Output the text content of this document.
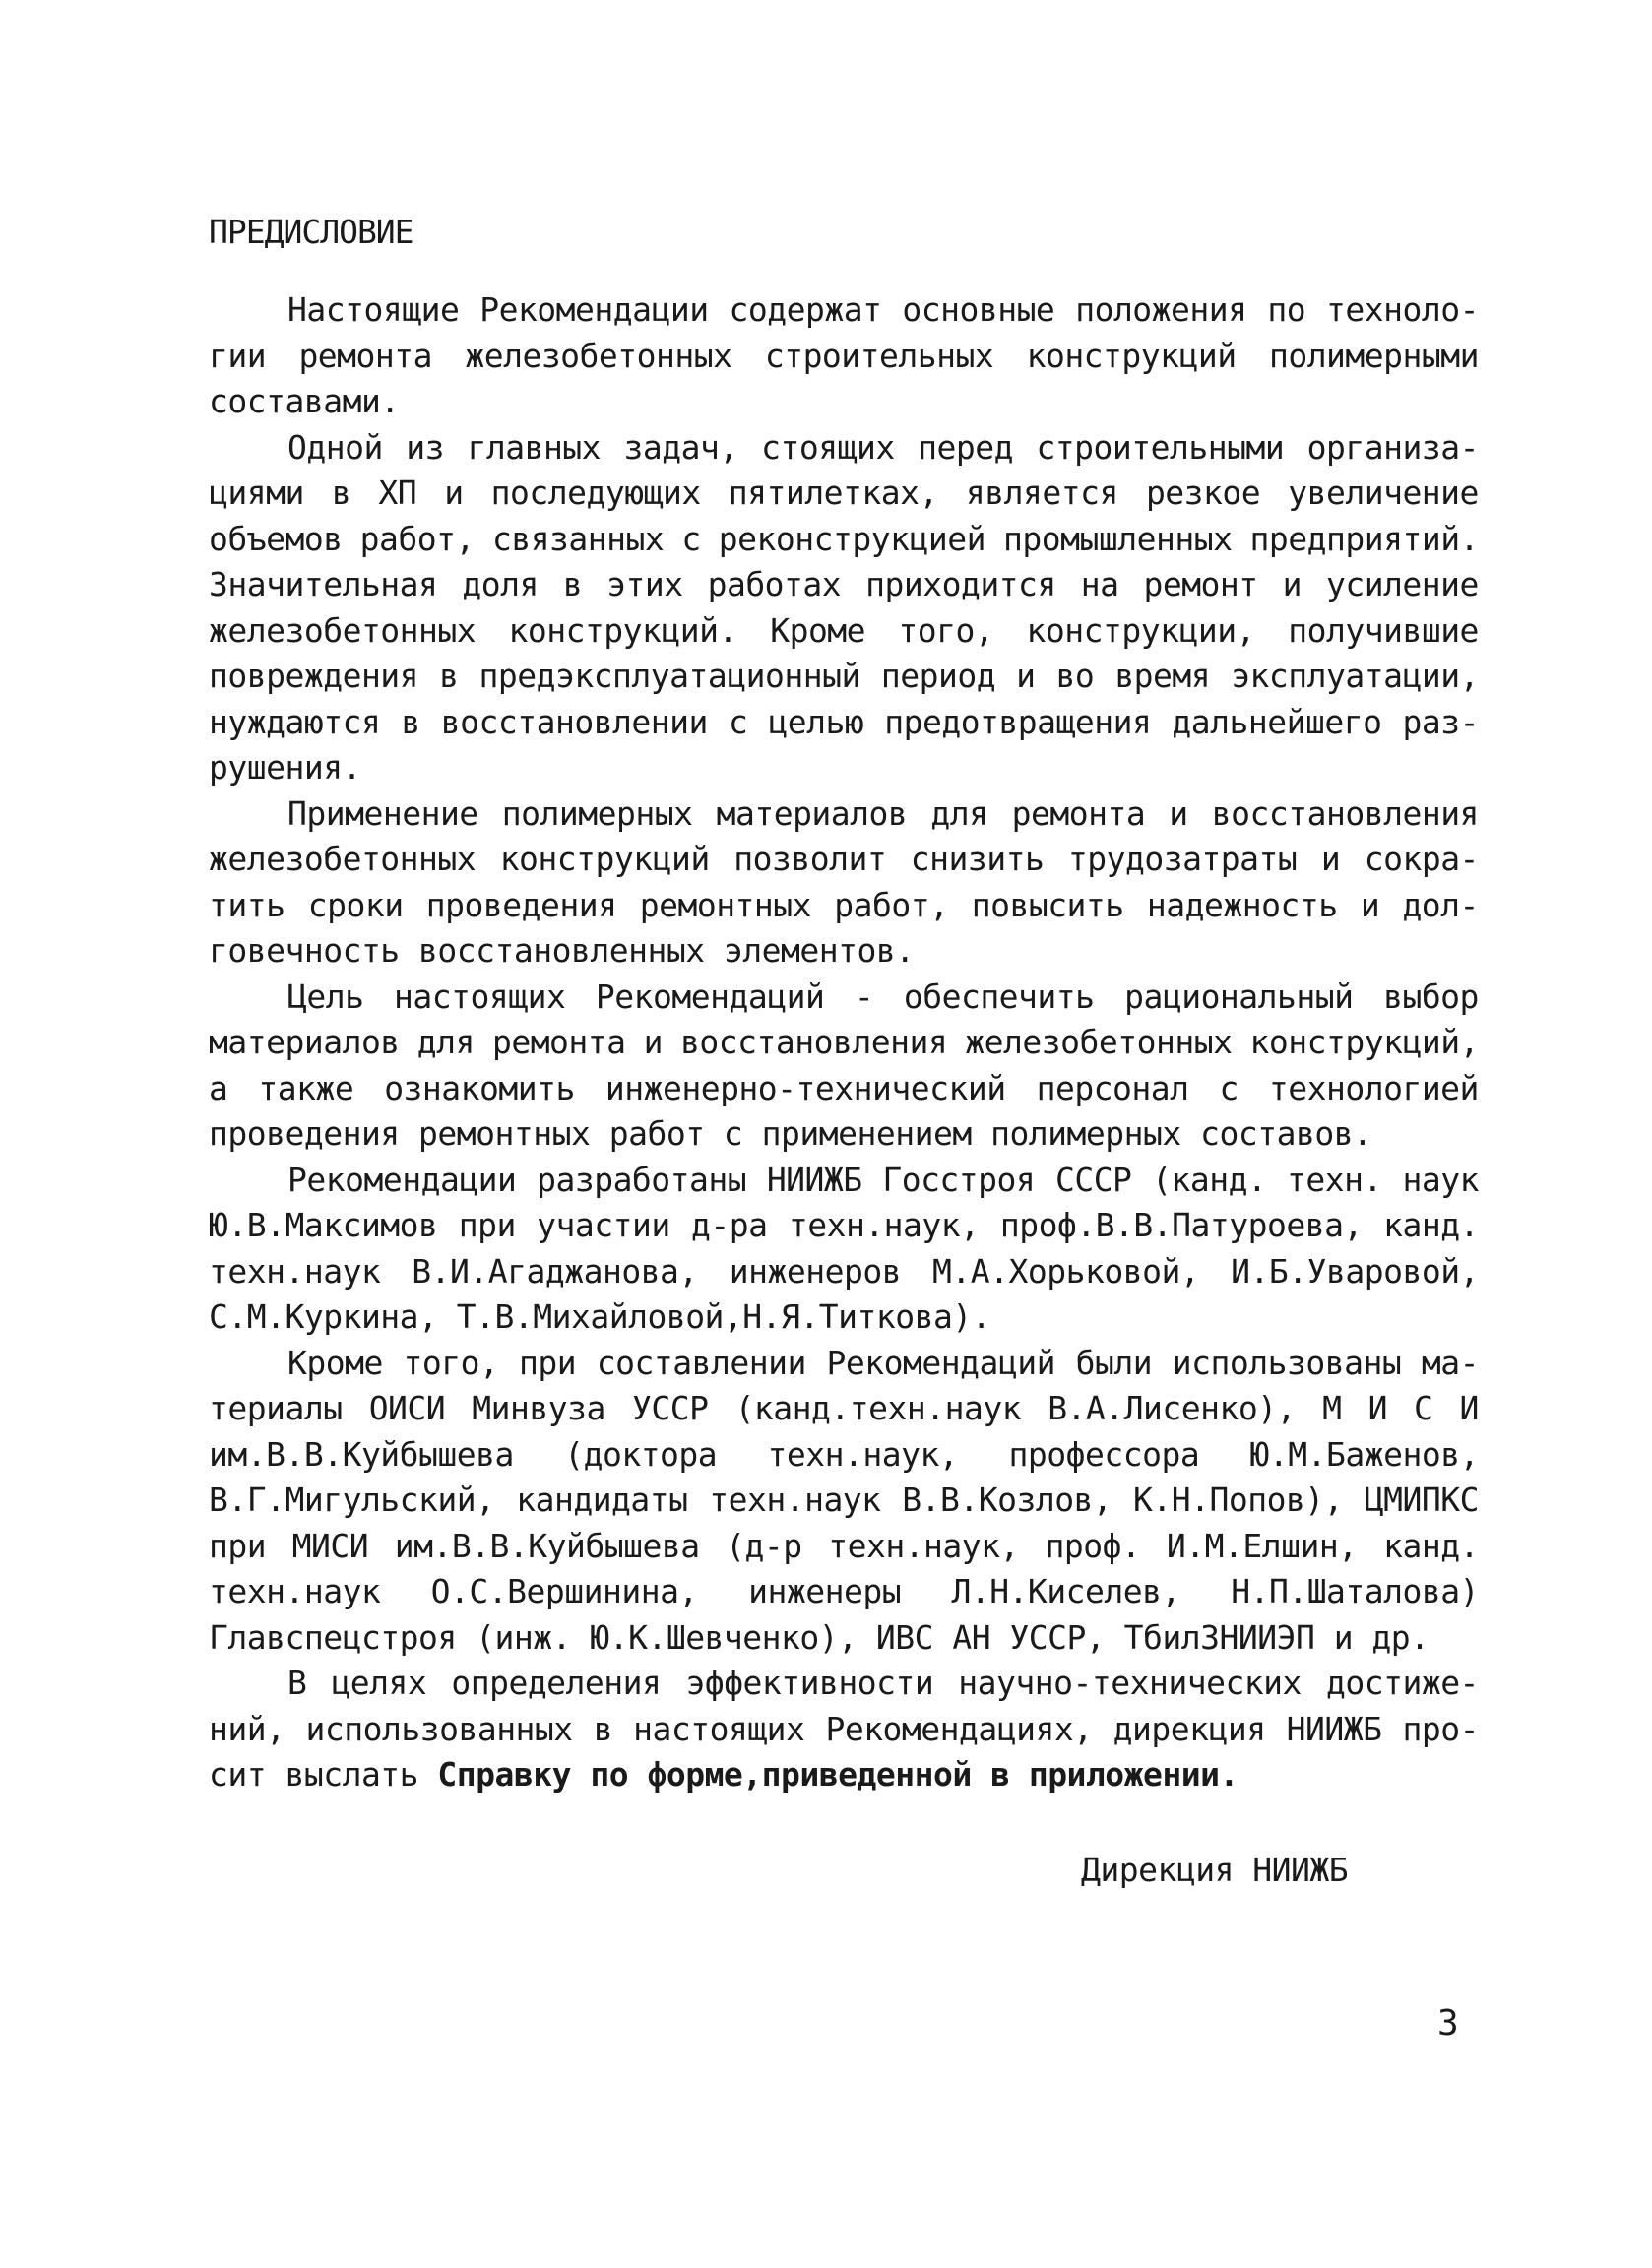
ПРЕДИСЛОВИЕ
Настоящие Рекомендации содержат основные положения по техноло-
гии ремонта железобетонных строительных конструкций полимерными
составами.
Одной из главных задач, стоящих перед строительными организа-
циями в ХП и последующих пятилетках, является резкое увеличение
объемов работ, связанных с реконструкцией промышленных предприятий.
Значительная доля в этих работах приходится на ремонт и усиление
железобетонных конструкций. Кроме того, конструкции, получившие
повреждения в предэксплуатационный период и во время эксплуатации,
нуждаются в восстановлении с целью предотвращения дальнейшего раз-
рушения.
Применение полимерных материалов для ремонта и восстановления
железобетонных конструкций позволит снизить трудозатраты и сокра-
тить сроки проведения ремонтных работ, повысить надежность и дол-
говечность восстановленных элементов.
Цель настоящих Рекомендаций - обеспечить рациональный выбор
материалов для ремонта и восстановления железобетонных конструкций,
а также ознакомить инженерно-технический персонал с технологией
проведения ремонтных работ с применением полимерных составов.
Рекомендации разработаны НИИЖБ Госстроя СССР (канд. техн. наук
Ю.В.Максимов при участии д-ра техн.наук, проф.В.В.Патуроева, канд.
техн.наук В.И.Агаджанова, инженеров М.А.Хорьковой, И.Б.Уваровой,
С.М.Куркина, Т.В.Михайловой,Н.Я.Титкова).
Кроме того, при составлении Рекомендаций были использованы ма-
териалы ОИСИ Минвуза УССР (канд.техн.наук В.А.Лисенко), М И С И
им.В.В.Куйбышева (доктора техн.наук, профессора Ю.М.Баженов,
В.Г.Мигульский, кандидаты техн.наук В.В.Козлов, К.Н.Попов), ЦМИПКС
при МИСИ им.В.В.Куйбышева (д-р техн.наук, проф. И.М.Елшин, канд.
техн.наук О.С.Вершинина, инженеры Л.Н.Киселев, Н.П.Шаталова)
Главспецстроя (инж. Ю.К.Шевченко), ИВС АН УССР, ТбилЗНИИЭП и др.
В целях определения эффективности научно-технических достиже-
ний, использованных в настоящих Рекомендациях, дирекция НИИЖБ про-
сит выслать Справку по форме,приведенной в приложении.
Дирекция НИИЖБ
3
